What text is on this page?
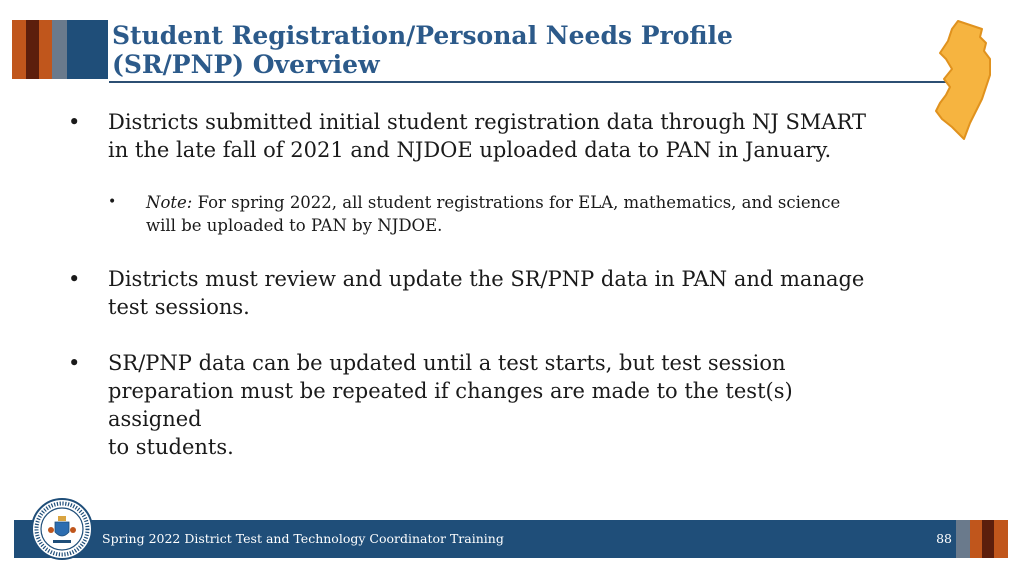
Student Registration/Personal Needs Profile
(SR/PNP) Overview
• Districts submitted initial student registration data through NJ SMART
in the late fall of 2021 and NJDOE uploaded data to PAN in January.
• Note: For spring 2022, all student registrations for ELA, mathematics, and science
will be uploaded to PAN by NJDOE.
• Districts must review and update the SR/PNP data in PAN and manage
test sessions.
• SR/PNP data can be updated until a test starts, but test session
preparation must be repeated if changes are made to the test(s) assigned
to students.
Spring 2022 District Test and Technology Coordinator Training	88
